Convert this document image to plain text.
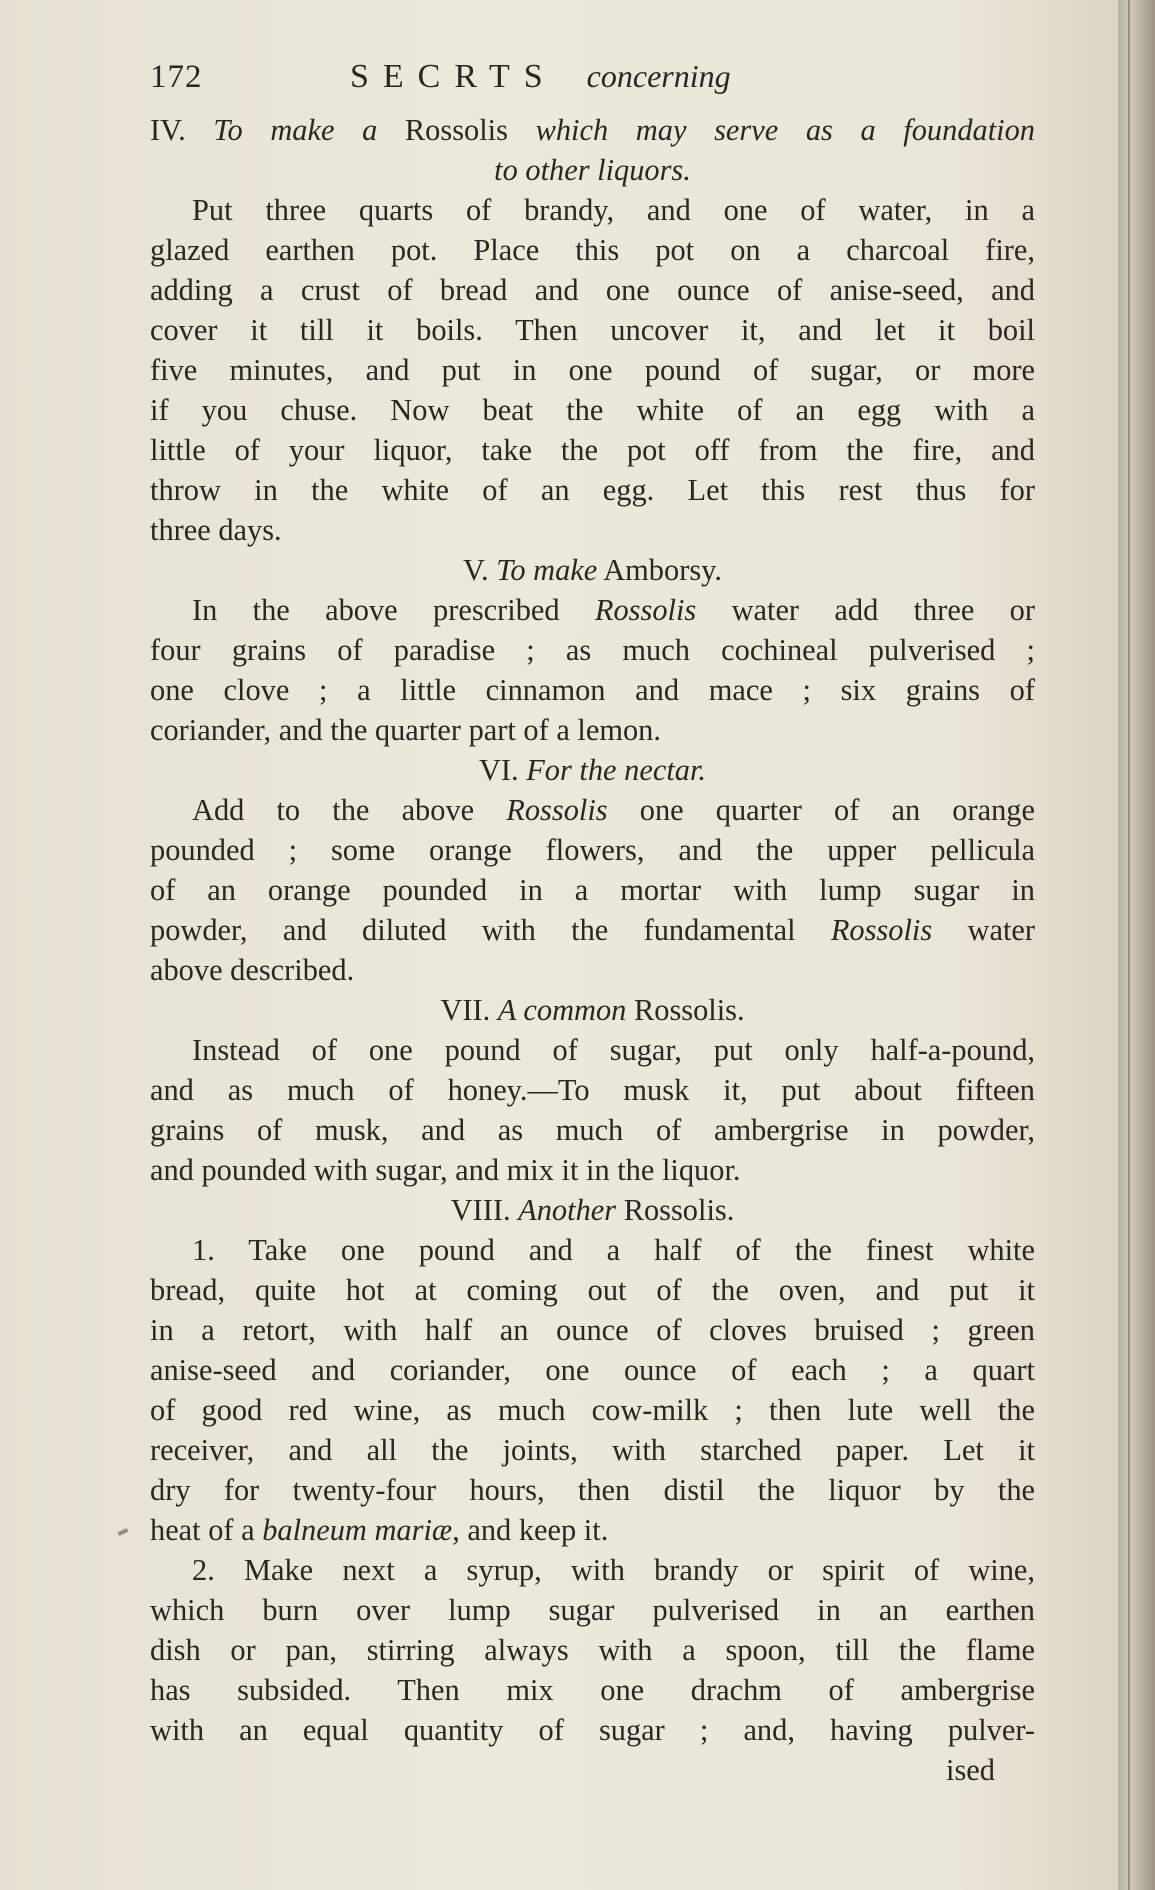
172	SECRTS concerning
IV. To make a Rossolis which may serve as a foundation
to other liquors.
Put three quarts of brandy, and one of water, in a
glazed earthen pot. Place this pot on a charcoal fire,
adding a crust of bread and one ounce of anise-seed, and
cover it till it boils. Then uncover it, and let it boil
five minutes, and put in one pound of sugar, or more
if you chuse. Now beat the white of an egg with a
little of your liquor, take the pot off from the fire, and
throw in the white of an egg. Let this rest thus for
three days.
V. To make Amborsy.
In the above prescribed Rossolis water add three or
four grains of paradise ; as much cochineal pulverised ;
one clove ; a little cinnamon and mace ; six grains of
coriander, and the quarter part of a lemon.
VI. For the nectar.
Add to the above Rossolis one quarter of an orange
pounded ; some orange flowers, and the upper pellicula
of an orange pounded in a mortar with lump sugar in
powder, and diluted with the fundamental Rossolis water
above described.
VII. A common Rossolis.
Instead of one pound of sugar, put only half-a-pound,
and as much of honey.—To musk it, put about fifteen
grains of musk, and as much of ambergrise in powder,
and pounded with sugar, and mix it in the liquor.
VIII. Another Rossolis.
1. Take one pound and a half of the finest white
bread, quite hot at coming out of the oven, and put it
in a retort, with half an ounce of cloves bruised ; green
anise-seed and coriander, one ounce of each ; a quart
of good red wine, as much cow-milk ; then lute well the
receiver, and all the joints, with starched paper. Let it
dry for twenty-four hours, then distil the liquor by the
heat of a balneum mariæ, and keep it.
2. Make next a syrup, with brandy or spirit of wine,
which burn over lump sugar pulverised in an earthen
dish or pan, stirring always with a spoon, till the flame
has subsided. Then mix one drachm of ambergrise
with an equal quantity of sugar ; and, having pulver-
ised
